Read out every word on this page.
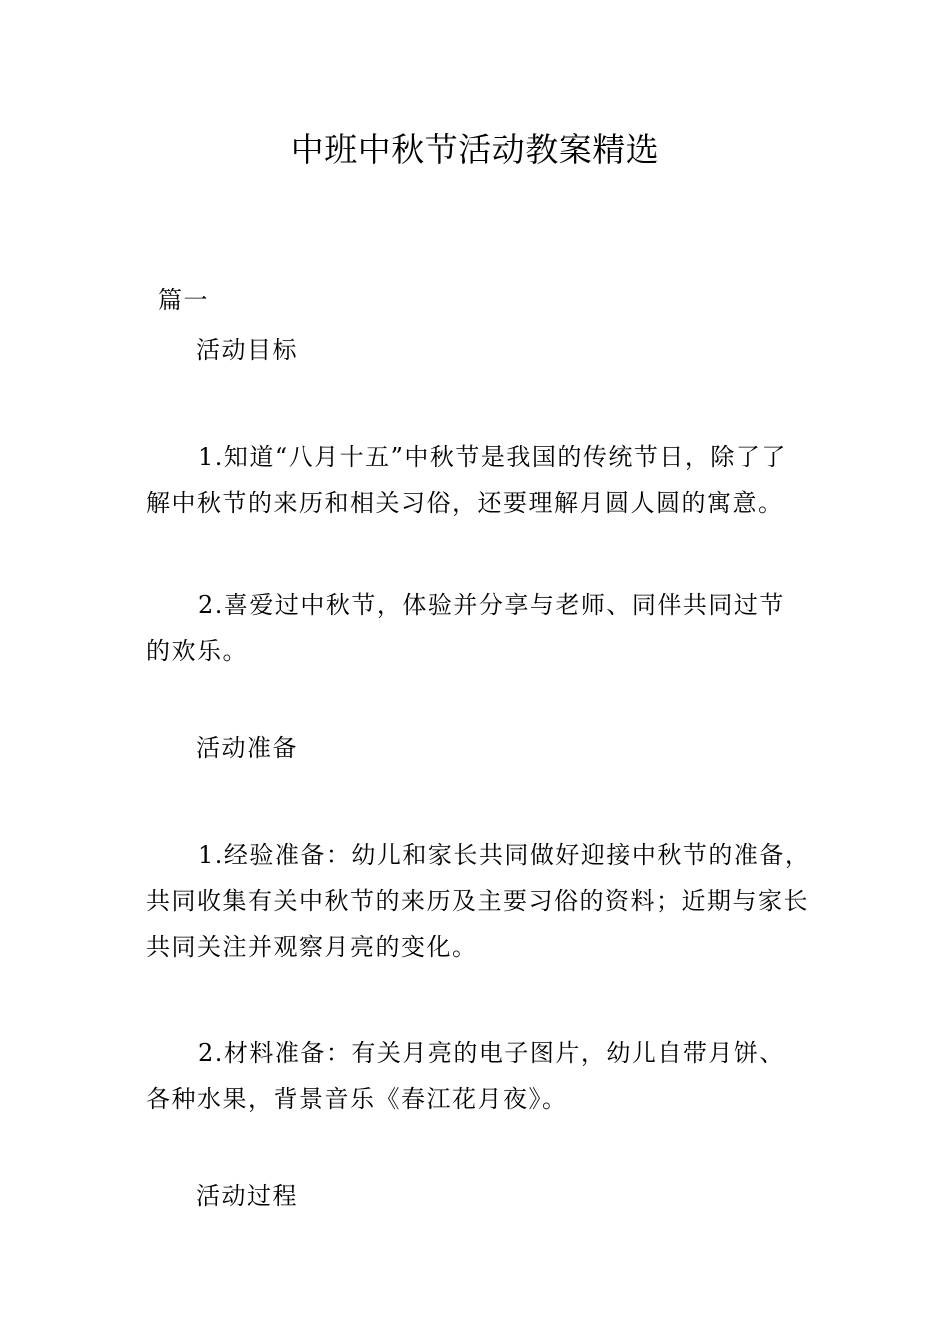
中班中秋节活动教案精选
篇一
活动目标
1.知道“八月十五”中秋节是我国的传统节日，除了了解中秋节的来历和相关习俗，还要理解月圆人圆的寓意。
2.喜爱过中秋节，体验并分享与老师、同伴共同过节的欢乐。
活动准备
1.经验准备：幼儿和家长共同做好迎接中秋节的准备，共同收集有关中秋节的来历及主要习俗的资料；近期与家长共同关注并观察月亮的变化。
2.材料准备：有关月亮的电子图片，幼儿自带月饼、各种水果，背景音乐《春江花月夜》。
活动过程
